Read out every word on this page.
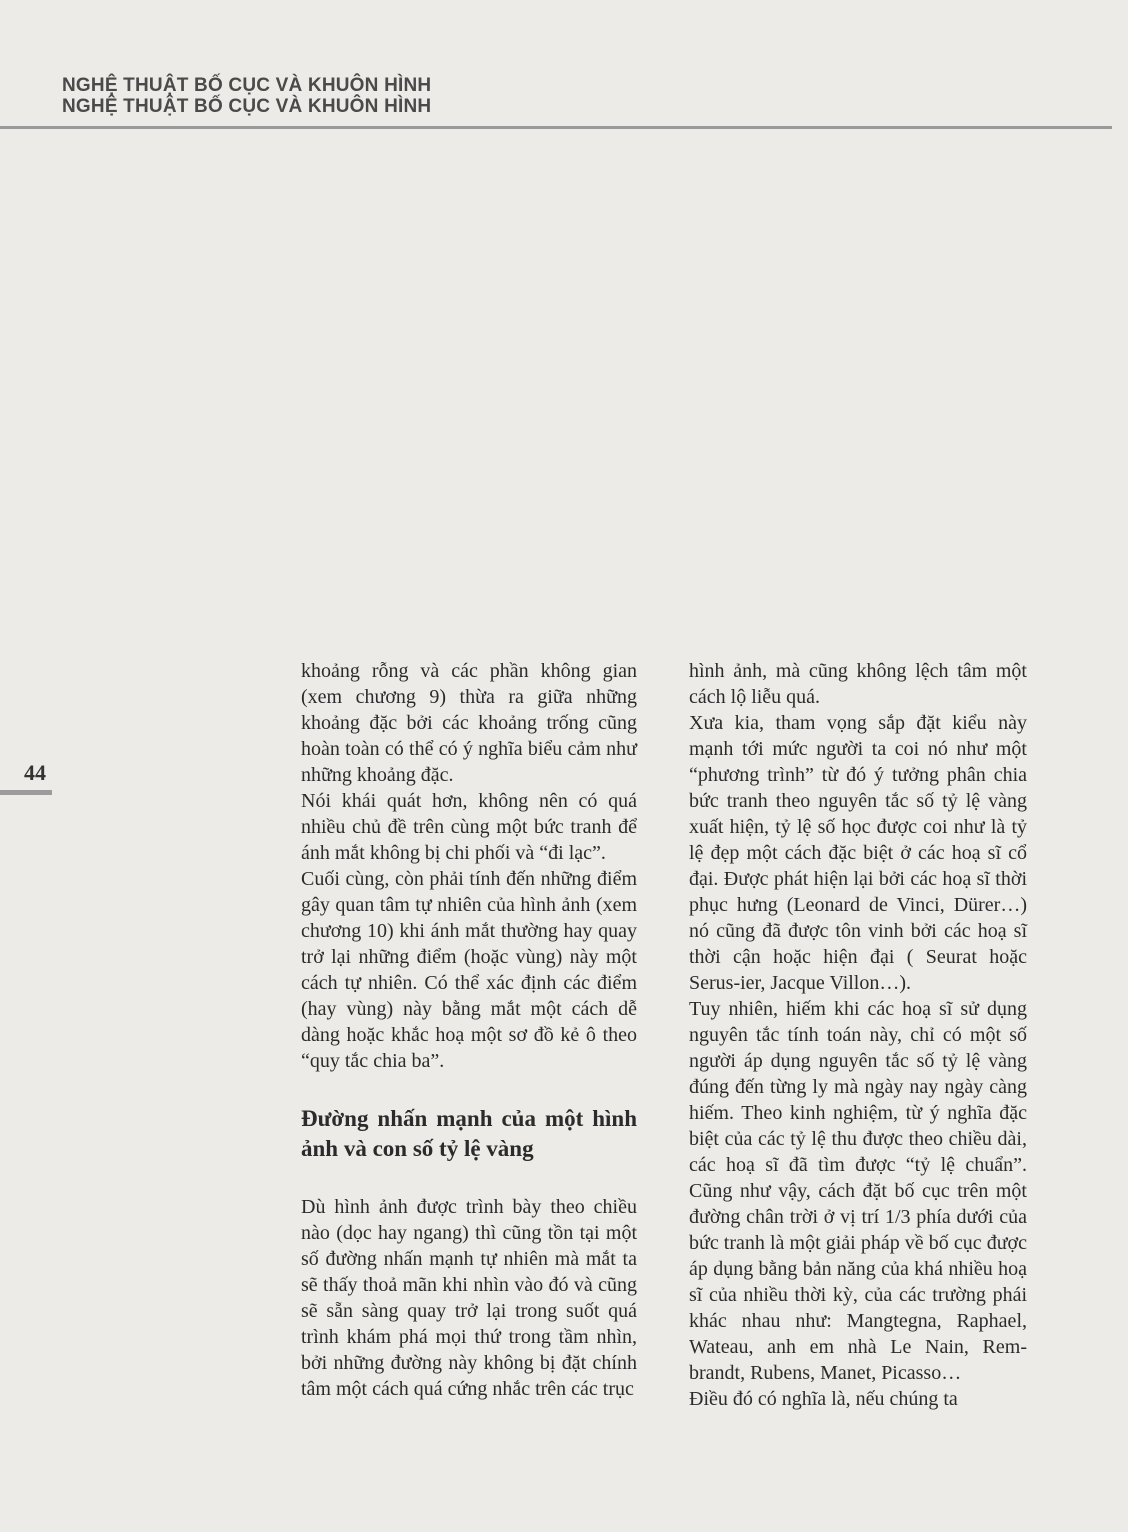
NGHỆ THUẬT BỐ CỤC VÀ KHUÔN HÌNH
NGHỆ THUẬT BỐ CỤC VÀ KHUÔN HÌNH
44

khoảng rỗng và các phần không gian (xem chương 9) thừa ra giữa những khoảng đặc bởi các khoảng trống cũng hoàn toàn có thể có ý nghĩa biểu cảm như những khoảng đặc.

Nói khái quát hơn, không nên có quá nhiều chủ đề trên cùng một bức tranh để ánh mắt không bị chi phối và “đi lạc”.

Cuối cùng, còn phải tính đến những điểm gây quan tâm tự nhiên của hình ảnh (xem chương 10) khi ánh mắt thường hay quay trở lại những điểm (hoặc vùng) này một cách tự nhiên. Có thể xác định các điểm (hay vùng) này bằng mắt một cách dễ dàng hoặc khắc hoạ một sơ đồ kẻ ô theo “quy tắc chia ba”.

Đường nhấn mạnh của một hình ảnh và con số tỷ lệ vàng

Dù hình ảnh được trình bày theo chiều nào (dọc hay ngang) thì cũng tồn tại một số đường nhấn mạnh tự nhiên mà mắt ta sẽ thấy thoả mãn khi nhìn vào đó và cũng sẽ sẵn sàng quay trở lại trong suốt quá trình khám phá mọi thứ trong tầm nhìn, bởi những đường này không bị đặt chính tâm một cách quá cứng nhắc trên các trục

hình ảnh, mà cũng không lệch tâm một cách lộ liễu quá.

Xưa kia, tham vọng sắp đặt kiểu này mạnh tới mức người ta coi nó như một “phương trình” từ đó ý tưởng phân chia bức tranh theo nguyên tắc số tỷ lệ vàng xuất hiện, tỷ lệ số học được coi như là tỷ lệ đẹp một cách đặc biệt ở các hoạ sĩ cổ đại. Được phát hiện lại bởi các hoạ sĩ thời phục hưng (Leonard de Vinci, Dürer…) nó cũng đã được tôn vinh bởi các hoạ sĩ thời cận hoặc hiện đại ( Seurat hoặc Serus-ier, Jacque Villon…).

Tuy nhiên, hiếm khi các hoạ sĩ sử dụng nguyên tắc tính toán này, chỉ có một số người áp dụng nguyên tắc số tỷ lệ vàng đúng đến từng ly mà ngày nay ngày càng hiếm. Theo kinh nghiệm, từ ý nghĩa đặc biệt của các tỷ lệ thu được theo chiều dài, các hoạ sĩ đã tìm được “tỷ lệ chuẩn”. Cũng như vậy, cách đặt bố cục trên một đường chân trời ở vị trí 1/3 phía dưới của bức tranh là một giải pháp về bố cục được áp dụng bằng bản năng của khá nhiều hoạ sĩ của nhiều thời kỳ, của các trường phái khác nhau như: Mangtegna, Raphael, Wateau, anh em nhà Le Nain, Rem-brandt, Rubens, Manet, Picasso…

Điều đó có nghĩa là, nếu chúng ta
